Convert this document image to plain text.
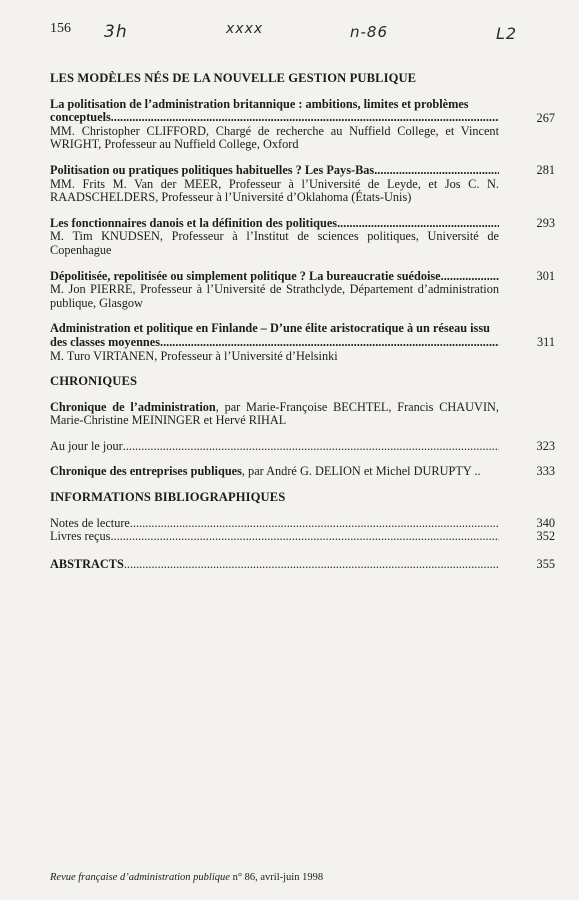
156 3h	xxxx	n-86	L2
LES MODÈLES NÉS DE LA NOUVELLE GESTION PUBLIQUE
La politisation de l’administration britannique : ambitions, limites et problèmes
conceptuels .....	267
MM. Christopher CLIFFORD, Chargé de recherche au Nuffield College, et Vincent WRIGHT, Professeur au Nuffield College, Oxford
Politisation ou pratiques politiques habituelles ? Les Pays-Bas .....	281
MM. Frits M. Van der MEER, Professeur à l’Université de Leyde, et Jos C. N. RAADSCHELDERS, Professeur à l’Université d’Oklahoma (États-Unis)
Les fonctionnaires danois et la définition des politiques .....	293
M. Tim KNUDSEN, Professeur à l’Institut de sciences politiques, Université de Copenhague
Dépolitisée, repolitisée ou simplement politique ? La bureaucratie suédoise .....	301
M. Jon PIERRE, Professeur à l’Université de Strathclyde, Département d’administration publique, Glasgow
Administration et politique en Finlande – D’une élite aristocratique à un réseau issu
des classes moyennes .....	311
M. Turo VIRTANEN, Professeur à l’Université d’Helsinki
CHRONIQUES
Chronique de l’administration, par Marie-Françoise BECHTEL, Francis CHAUVIN, Marie-Christine MEININGER et Hervé RIHAL
Au jour le jour .....	323
Chronique des entreprises publiques, par André G. DELION et Michel DURUPTY ..	333
INFORMATIONS BIBLIOGRAPHIQUES
Notes de lecture .....	340
Livres reçus .....	352
ABSTRACTS .....	355
Revue française d’administration publique n° 86, avril-juin 1998
